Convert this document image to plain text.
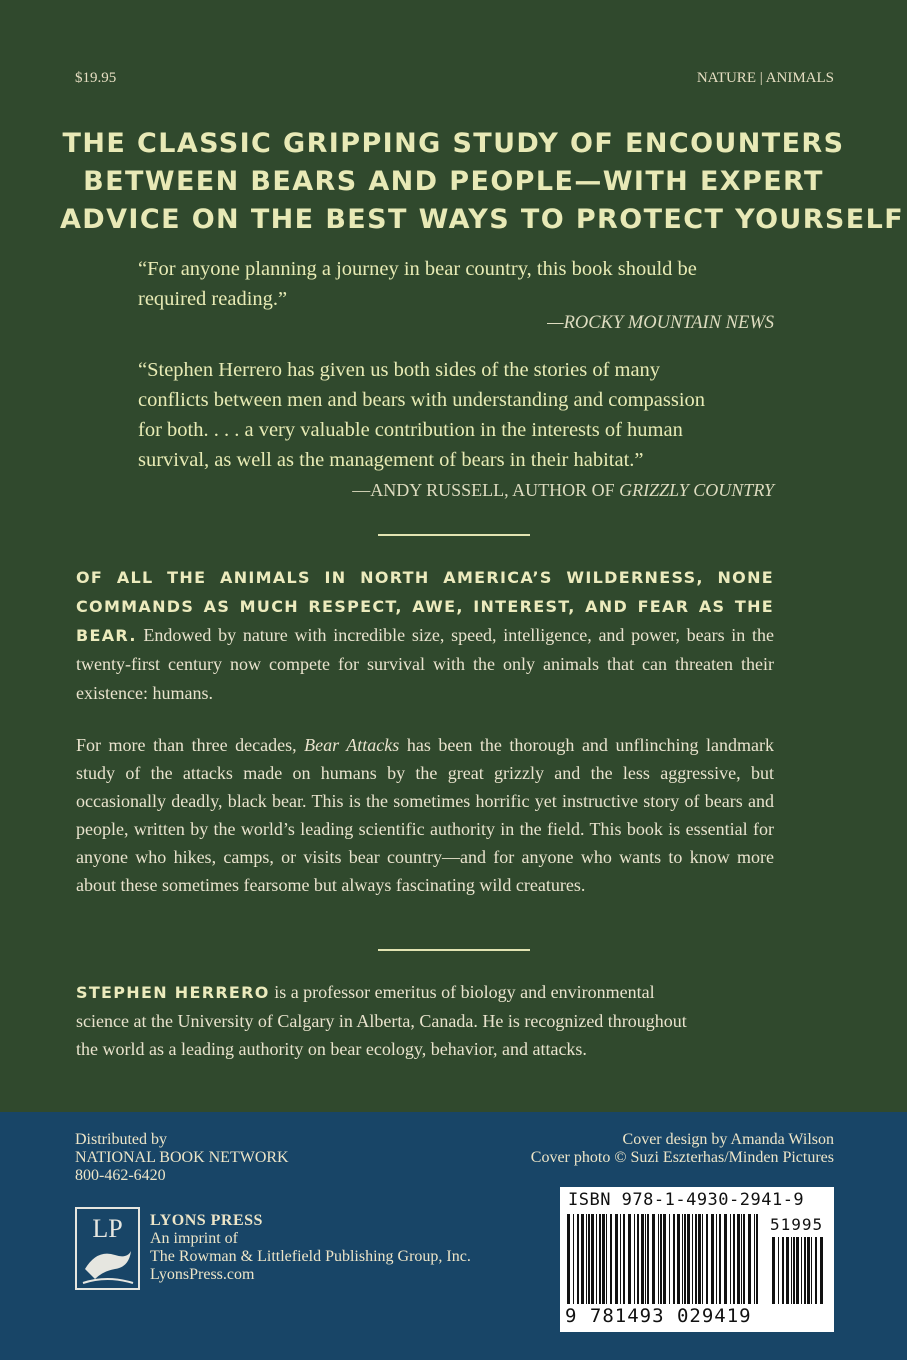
$19.95	NATURE | ANIMALS
THE CLASSIC GRIPPING STUDY OF ENCOUNTERS
BETWEEN BEARS AND PEOPLE—WITH EXPERT
ADVICE ON THE BEST WAYS TO PROTECT YOURSELF

“For anyone planning a journey in bear country, this book should be

required reading.”

—ROCKY MOUNTAIN NEWS

“Stephen Herrero has given us both sides of the stories of many

conflicts between men and bears with understanding and compassion

for both. . . . a very valuable contribution in the interests of human

survival, as well as the management of bears in their habitat.”

—ANDY RUSSELL, AUTHOR OF GRIZZLY COUNTRY

OF ALL THE ANIMALS IN NORTH AMERICA’S WILDERNESS, NONE COMMANDS AS MUCH RESPECT, AWE, INTEREST, AND FEAR AS THE BEAR. Endowed by nature with incredible size, speed, intelligence, and power, bears in the twenty-first century now compete for survival with the only animals that can threaten their existence: humans.

For more than three decades, Bear Attacks has been the thorough and unflinching landmark study of the attacks made on humans by the great grizzly and the less aggressive, but occasionally deadly, black bear. This is the sometimes horrific yet instructive story of bears and people, written by the world’s leading scientific authority in the field. This book is essential for anyone who hikes, camps, or visits bear country—and for anyone who wants to know more about these sometimes fearsome but always fascinating wild creatures.

STEPHEN HERRERO is a professor emeritus of biology and environmental science at the University of Calgary in Alberta, Canada. He is recognized throughout the world as a leading authority on bear ecology, behavior, and attacks.

Distributed by
NATIONAL BOOK NETWORK
800-462-6420
Cover design by Amanda Wilson
Cover photo © Suzi Eszterhas/Minden Pictures
LP LYONS PRESS
An imprint of
The Rowman & Littlefield Publishing Group, Inc.
LyonsPress.com
ISBN 978-1-4930-2941-9
51995
9 781493 029419
